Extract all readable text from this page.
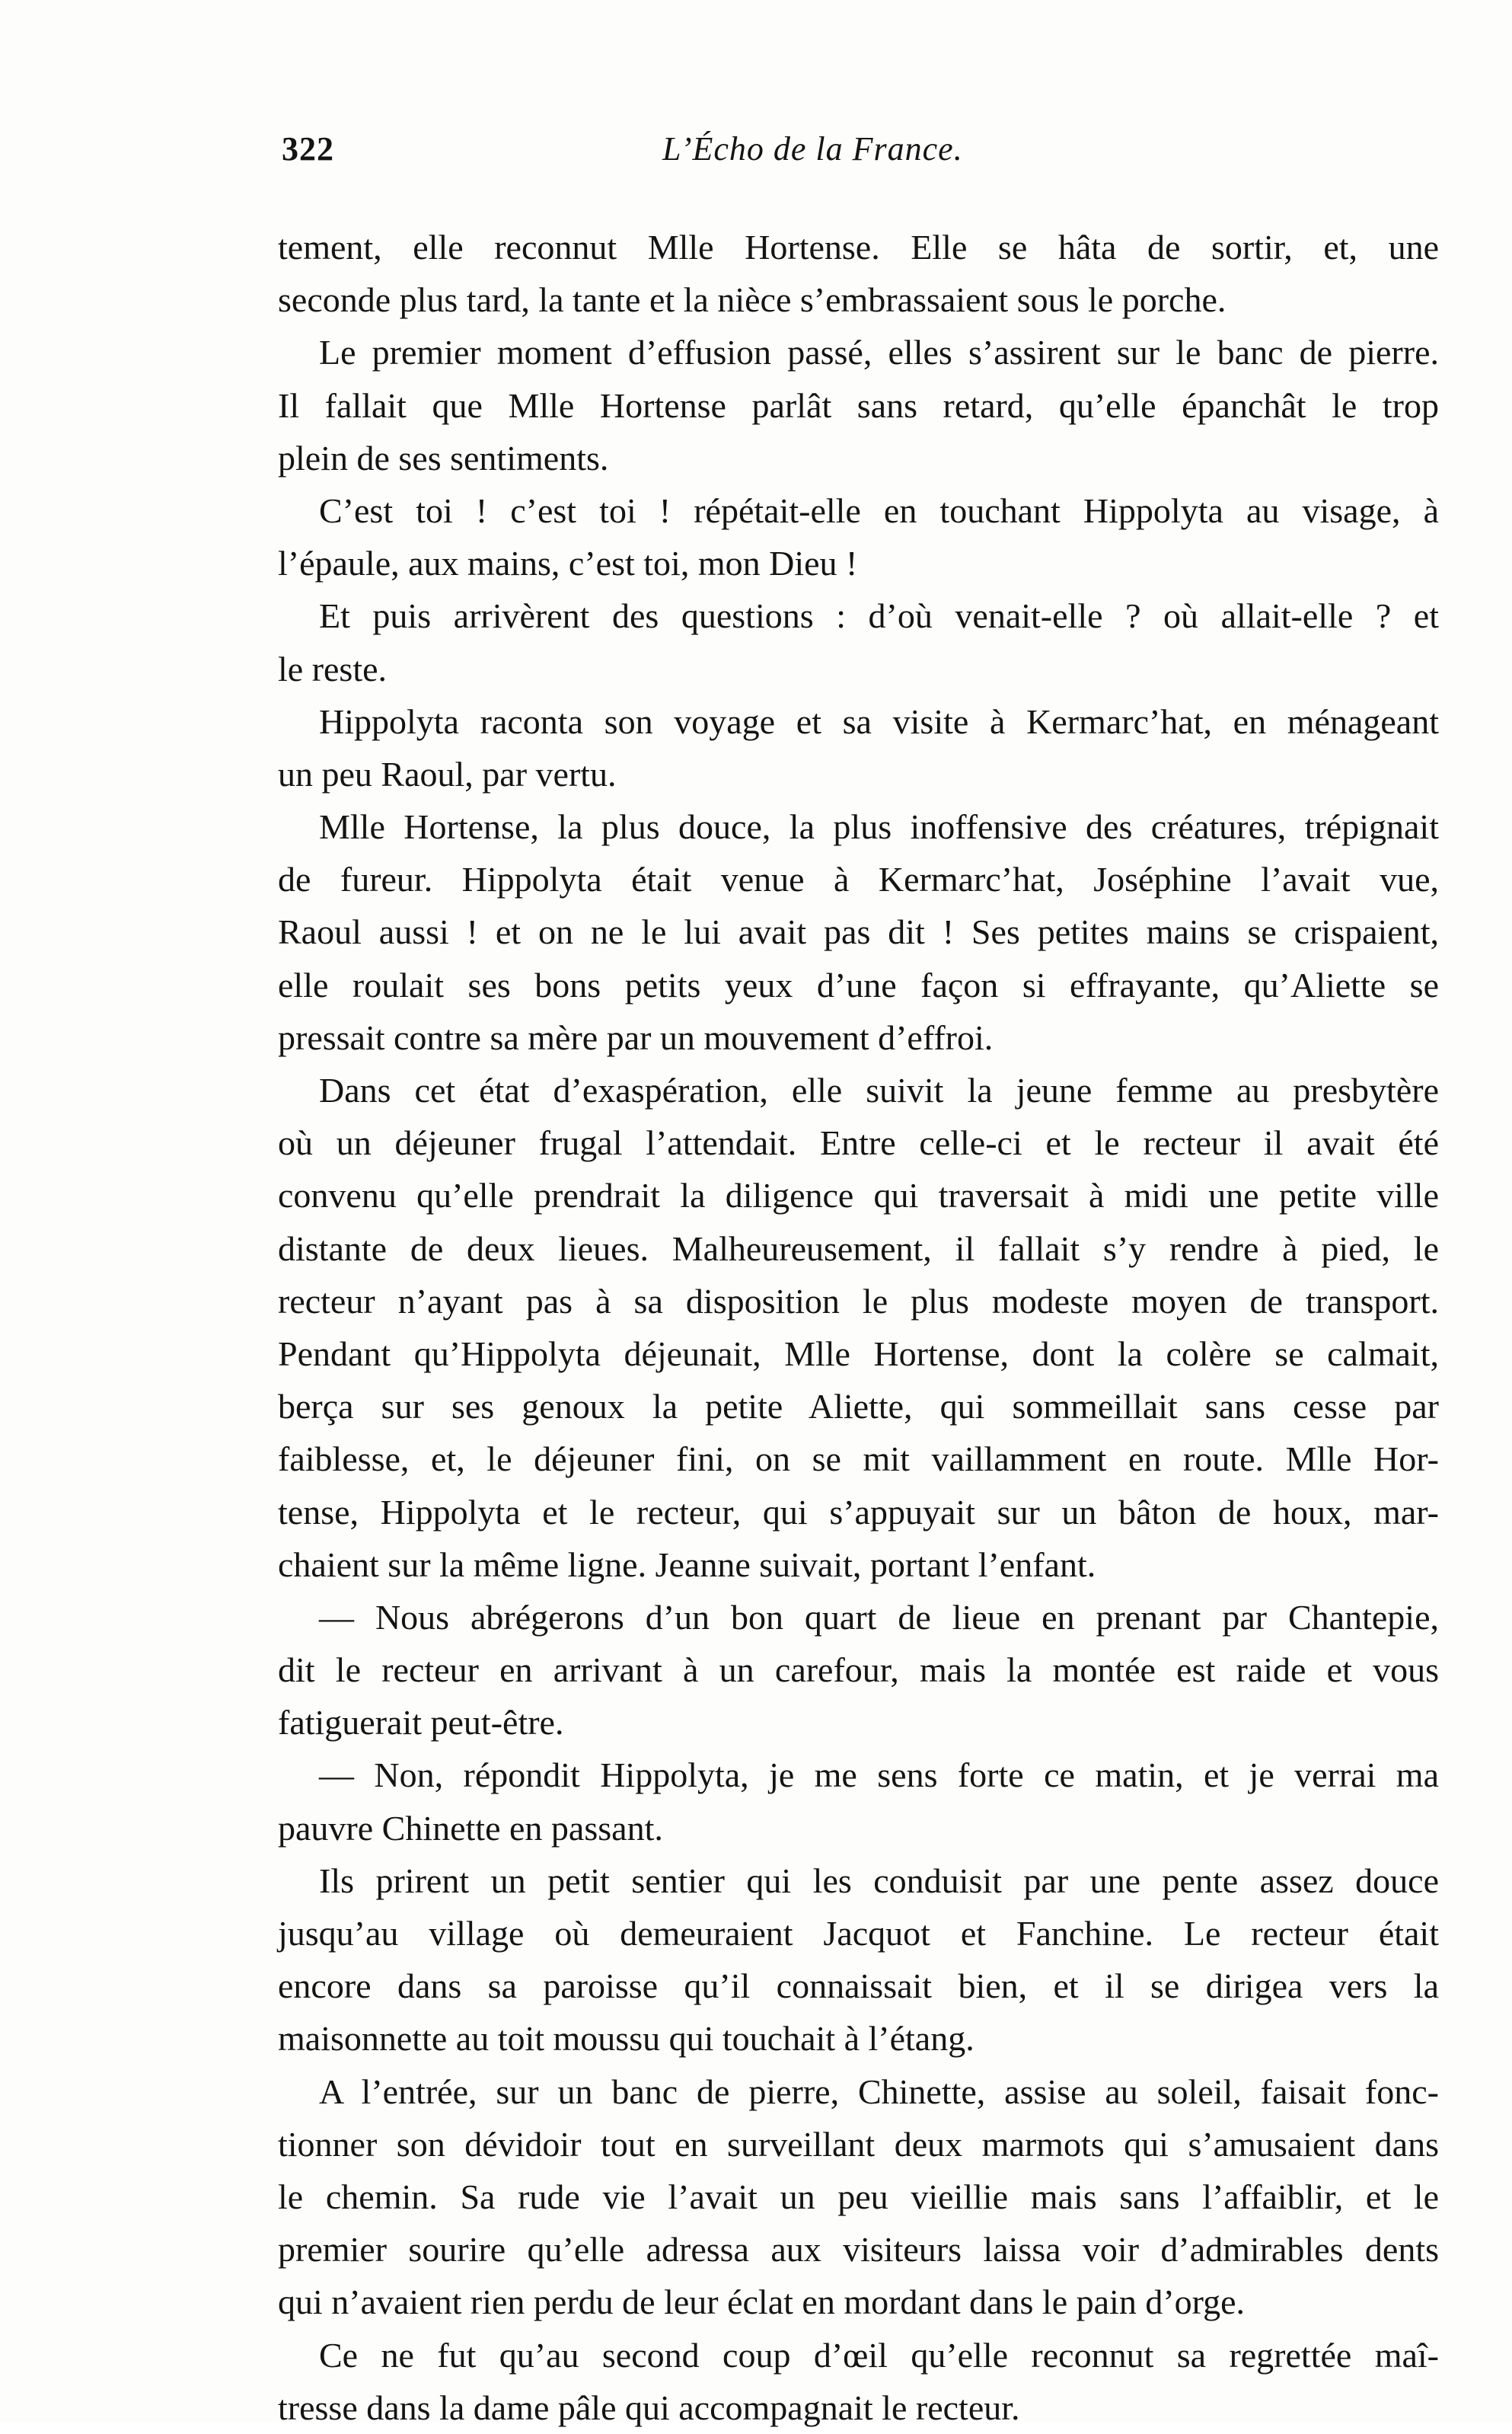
322	L’Écho de la France.
tement, elle reconnut Mlle Hortense. Elle se hâta de sortir, et, une
seconde plus tard, la tante et la nièce s’embrassaient sous le porche.
Le premier moment d’effusion passé, elles s’assirent sur le banc de pierre.
Il fallait que Mlle Hortense parlât sans retard, qu’elle épanchât le trop
plein de ses sentiments.
C’est toi ! c’est toi ! répétait-elle en touchant Hippolyta au visage, à
l’épaule, aux mains, c’est toi, mon Dieu !
Et puis arrivèrent des questions : d’où venait-elle ? où allait-elle ? et
le reste.
Hippolyta raconta son voyage et sa visite à Kermarc’hat, en ménageant
un peu Raoul, par vertu.
Mlle Hortense, la plus douce, la plus inoffensive des créatures, trépignait
de fureur. Hippolyta était venue à Kermarc’hat, Joséphine l’avait vue,
Raoul aussi ! et on ne le lui avait pas dit ! Ses petites mains se crispaient,
elle roulait ses bons petits yeux d’une façon si effrayante, qu’Aliette se
pressait contre sa mère par un mouvement d’effroi.
Dans cet état d’exaspération, elle suivit la jeune femme au presbytère
où un déjeuner frugal l’attendait. Entre celle-ci et le recteur il avait été
convenu qu’elle prendrait la diligence qui traversait à midi une petite ville
distante de deux lieues. Malheureusement, il fallait s’y rendre à pied, le
recteur n’ayant pas à sa disposition le plus modeste moyen de transport.
Pendant qu’Hippolyta déjeunait, Mlle Hortense, dont la colère se calmait,
berça sur ses genoux la petite Aliette, qui sommeillait sans cesse par
faiblesse, et, le déjeuner fini, on se mit vaillamment en route. Mlle Hor-
tense, Hippolyta et le recteur, qui s’appuyait sur un bâton de houx, mar-
chaient sur la même ligne. Jeanne suivait, portant l’enfant.
— Nous abrégerons d’un bon quart de lieue en prenant par Chantepie,
dit le recteur en arrivant à un carefour, mais la montée est raide et vous
fatiguerait peut-être.
— Non, répondit Hippolyta, je me sens forte ce matin, et je verrai ma
pauvre Chinette en passant.
Ils prirent un petit sentier qui les conduisit par une pente assez douce
jusqu’au village où demeuraient Jacquot et Fanchine. Le recteur était
encore dans sa paroisse qu’il connaissait bien, et il se dirigea vers la
maisonnette au toit moussu qui touchait à l’étang.
A l’entrée, sur un banc de pierre, Chinette, assise au soleil, faisait fonc-
tionner son dévidoir tout en surveillant deux marmots qui s’amusaient dans
le chemin. Sa rude vie l’avait un peu vieillie mais sans l’affaiblir, et le
premier sourire qu’elle adressa aux visiteurs laissa voir d’admirables dents
qui n’avaient rien perdu de leur éclat en mordant dans le pain d’orge.
Ce ne fut qu’au second coup d’œil qu’elle reconnut sa regrettée maî-
tresse dans la dame pâle qui accompagnait le recteur.
